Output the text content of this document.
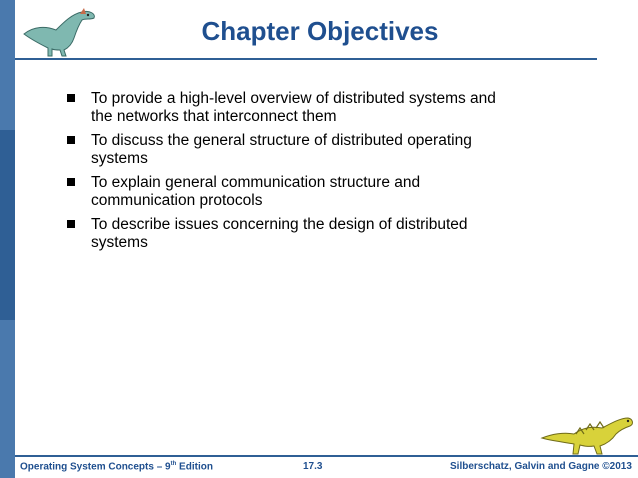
Chapter Objectives
To provide a high-level overview of distributed systems and
the networks that interconnect them
To discuss the general structure of distributed operating
systems
To explain general communication structure and
communication protocols
To describe issues concerning the design of distributed
systems
Operating System Concepts – 9th Edition	17.3	Silberschatz, Galvin and Gagne ©2013
